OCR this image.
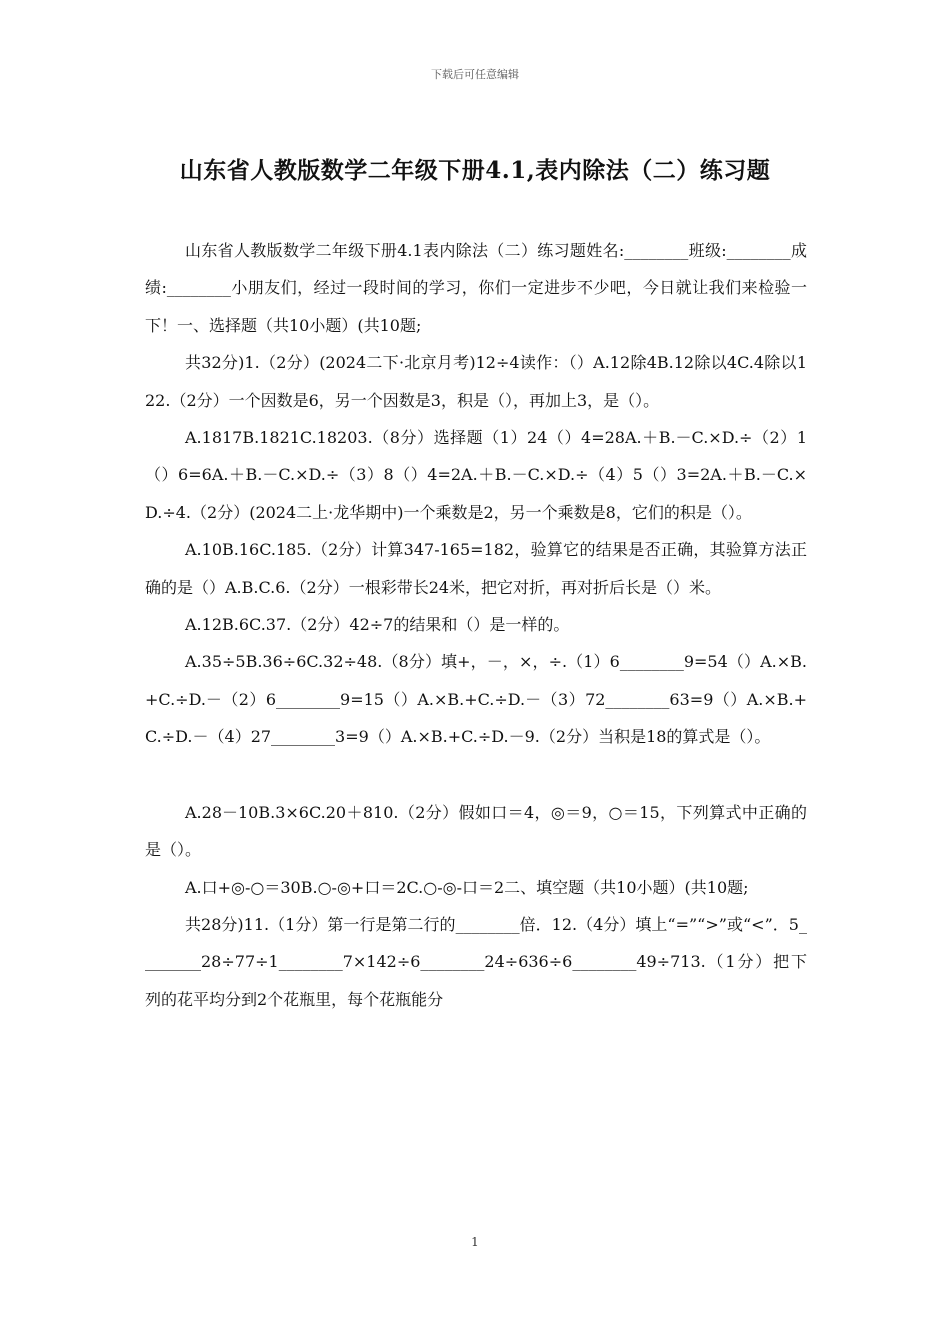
下载后可任意编辑
山东省人教版数学二年级下册4.1,表内除法（二）练习题

山东省人教版数学二年级下册4.1表内除法（二）练习题姓名:________班级:________成绩:________小朋友们，经过一段时间的学习，你们一定进步不少吧，今日就让我们来检验一下！一、选择题（共10小题）(共10题;

共32分)1.（2分）(2024二下·北京月考)12÷4读作：（）A.12除4B.12除以4C.4除以122.（2分）一个因数是6，另一个因数是3，积是（），再加上3，是（）。

A.1817B.1821C.18203.（8分）选择题（1）24（）4=28A.＋B.－C.×D.÷（2）1（）6=6A.＋B.－C.×D.÷（3）8（）4=2A.＋B.－C.×D.÷（4）5（）3=2A.＋B.－C.×D.÷4.（2分）(2024二上·龙华期中)一个乘数是2，另一个乘数是8，它们的积是（）。

A.10B.16C.185.（2分）计算347-165=182，验算它的结果是否正确，其验算方法正确的是（）A.B.C.6.（2分）一根彩带长24米，把它对折，再对折后长是（）米。

A.12B.6C.37.（2分）42÷7的结果和（）是一样的。

A.35÷5B.36÷6C.32÷48.（8分）填+，－，×，÷.（1）6________9=54（）A.×B.+C.÷D.－（2）6________9=15（）A.×B.+C.÷D.－（3）72________63=9（）A.×B.+C.÷D.－（4）27________3=9（）A.×B.+C.÷D.－9.（2分）当积是18的算式是（）。

A.28－10B.3×6C.20＋810.（2分）假如口＝4，◎＝9，○＝15，下列算式中正确的是（）。

A.口+◎-○＝30B.○-◎+口＝2C.○-◎-口＝2二、填空题（共10小题）(共10题;

共28分)11.（1分）第一行是第二行的________倍．12.（4分）填上“=”“>”或“<”．5________28÷77÷1________7×142÷6________24÷636÷6________49÷713.（1分）把下列的花平均分到2个花瓶里，每个花瓶能分

1
